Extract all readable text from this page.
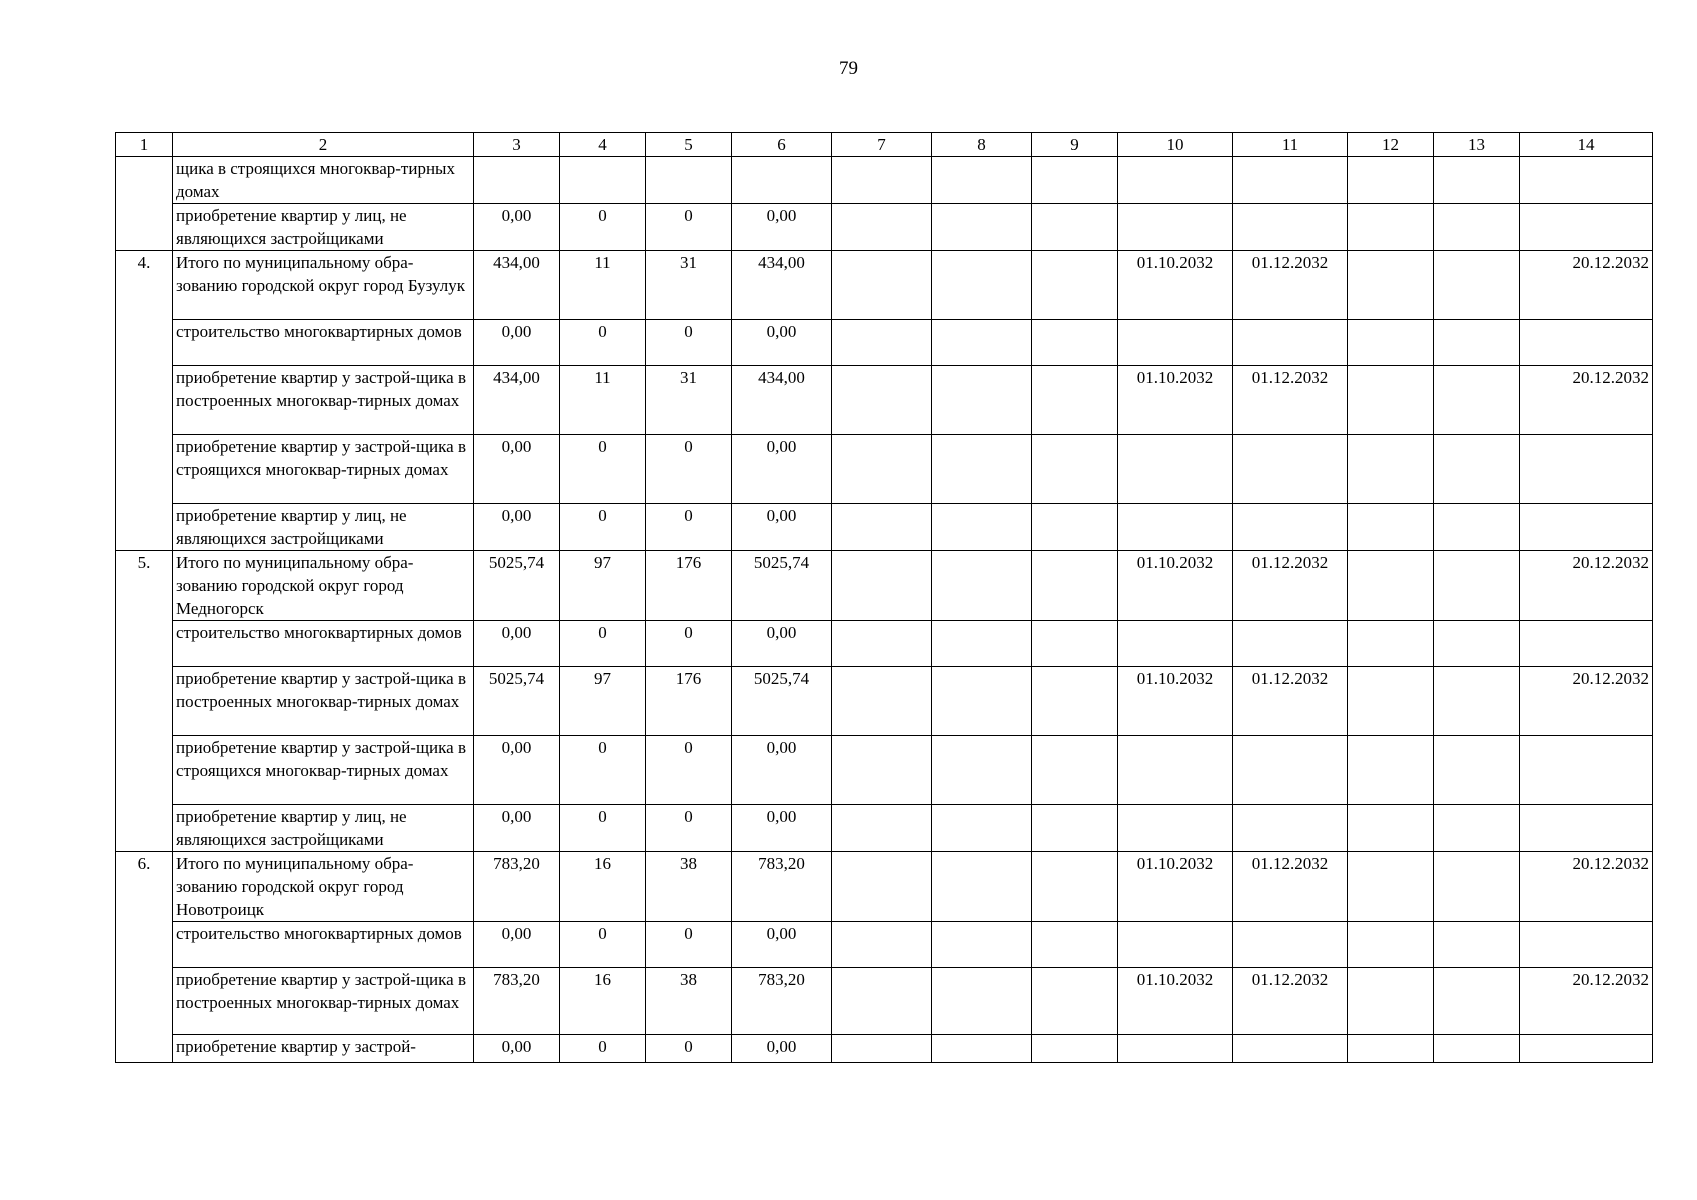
79
1	2	3	4	5	6	7	8	9	10	11	12	13	14
	щика в строящихся многоквар-тирных домах												
	приобретение квартир у лиц, не являющихся застройщиками	0,00	0	0	0,00								
4.	Итого по муниципальному обра-зованию городской округ город Бузулук	434,00	11	31	434,00				01.10.2032	01.12.2032			20.12.2032
	строительство многоквартирных домов	0,00	0	0	0,00								
	приобретение квартир у застрой-щика в построенных многоквар-тирных домах	434,00	11	31	434,00				01.10.2032	01.12.2032			20.12.2032
	приобретение квартир у застрой-щика в строящихся многоквар-тирных домах	0,00	0	0	0,00								
	приобретение квартир у лиц, не являющихся застройщиками	0,00	0	0	0,00								
5.	Итого по муниципальному обра-зованию городской округ город Медногорск	5025,74	97	176	5025,74				01.10.2032	01.12.2032			20.12.2032
	строительство многоквартирных домов	0,00	0	0	0,00								
	приобретение квартир у застрой-щика в построенных многоквар-тирных домах	5025,74	97	176	5025,74				01.10.2032	01.12.2032			20.12.2032
	приобретение квартир у застрой-щика в строящихся многоквар-тирных домах	0,00	0	0	0,00								
	приобретение квартир у лиц, не являющихся застройщиками	0,00	0	0	0,00								
6.	Итого по муниципальному обра-зованию городской округ город Новотроицк	783,20	16	38	783,20				01.10.2032	01.12.2032			20.12.2032
	строительство многоквартирных домов	0,00	0	0	0,00								
	приобретение квартир у застрой-щика в построенных многоквар-тирных домах	783,20	16	38	783,20				01.10.2032	01.12.2032			20.12.2032
	приобретение квартир у застрой-	0,00	0	0	0,00								
